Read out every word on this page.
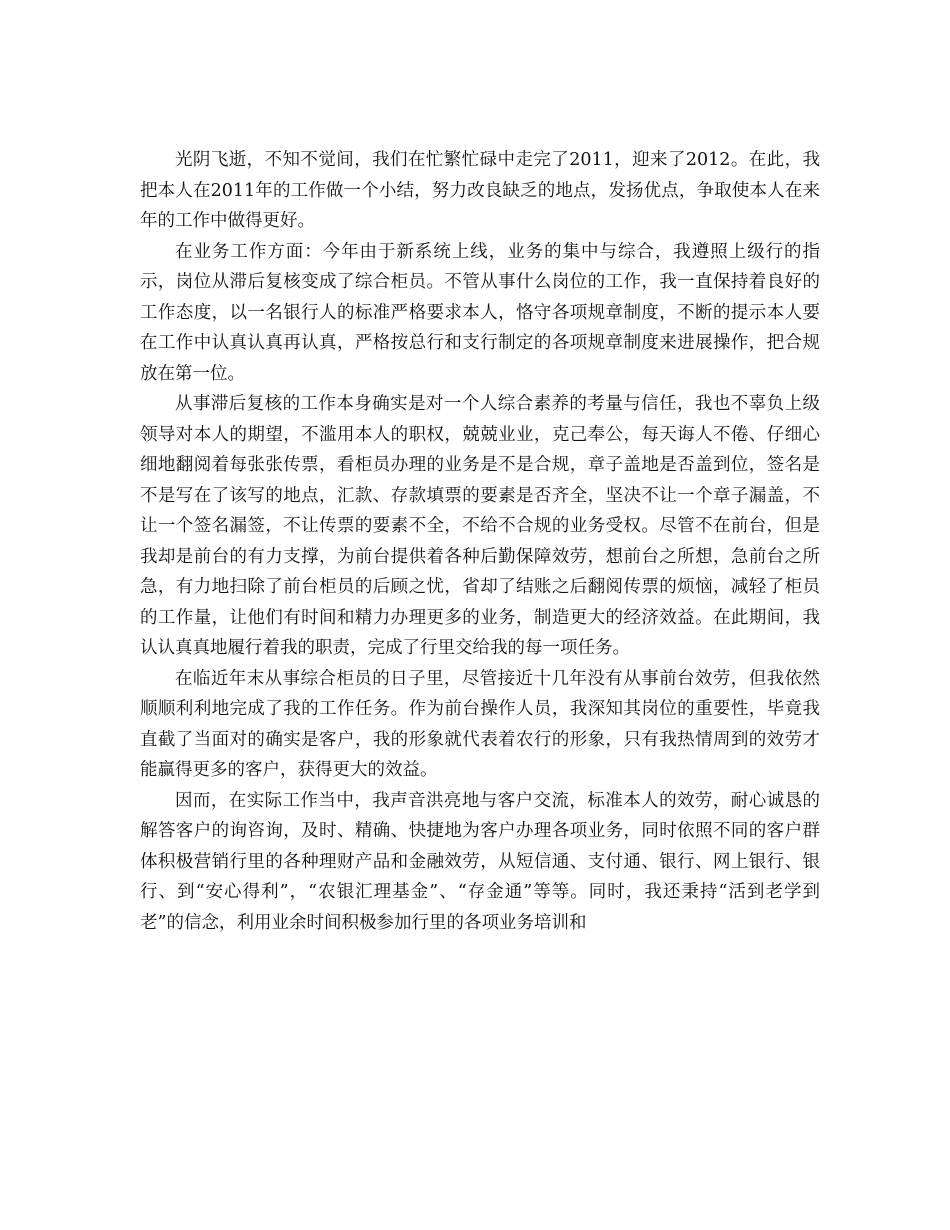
光阴飞逝，不知不觉间，我们在忙繁忙碌中走完了2011，迎来了2012。在此，我把本人在2011年的工作做一个小结，努力改良缺乏的地点，发扬优点，争取使本人在来年的工作中做得更好。

在业务工作方面：今年由于新系统上线，业务的集中与综合，我遵照上级行的指示，岗位从滞后复核变成了综合柜员。不管从事什么岗位的工作，我一直保持着良好的工作态度，以一名银行人的标准严格要求本人，恪守各项规章制度，不断的提示本人要在工作中认真认真再认真，严格按总行和支行制定的各项规章制度来进展操作，把合规放在第一位。

从事滞后复核的工作本身确实是对一个人综合素养的考量与信任，我也不辜负上级领导对本人的期望，不滥用本人的职权，兢兢业业，克己奉公，每天诲人不倦、仔细心细地翻阅着每张张传票，看柜员办理的业务是不是合规，章子盖地是否盖到位，签名是不是写在了该写的地点，汇款、存款填票的要素是否齐全，坚决不让一个章子漏盖，不让一个签名漏签，不让传票的要素不全，不给不合规的业务受权。尽管不在前台，但是我却是前台的有力支撑，为前台提供着各种后勤保障效劳，想前台之所想，急前台之所急，有力地扫除了前台柜员的后顾之忧，省却了结账之后翻阅传票的烦恼，减轻了柜员的工作量，让他们有时间和精力办理更多的业务，制造更大的经济效益。在此期间，我认认真真地履行着我的职责，完成了行里交给我的每一项任务。

在临近年末从事综合柜员的日子里，尽管接近十几年没有从事前台效劳，但我依然顺顺利利地完成了我的工作任务。作为前台操作人员，我深知其岗位的重要性，毕竟我直截了当面对的确实是客户，我的形象就代表着农行的形象，只有我热情周到的效劳才能赢得更多的客户，获得更大的效益。

因而，在实际工作当中，我声音洪亮地与客户交流，标准本人的效劳，耐心诚恳的解答客户的询咨询，及时、精确、快捷地为客户办理各项业务，同时依照不同的客户群体积极营销行里的各种理财产品和金融效劳，从短信通、支付通、银行、网上银行、银行、到“安心得利”，“农银汇理基金”、“存金通”等等。同时，我还秉持“活到老学到老”的信念，利用业余时间积极参加行里的各项业务培训和
